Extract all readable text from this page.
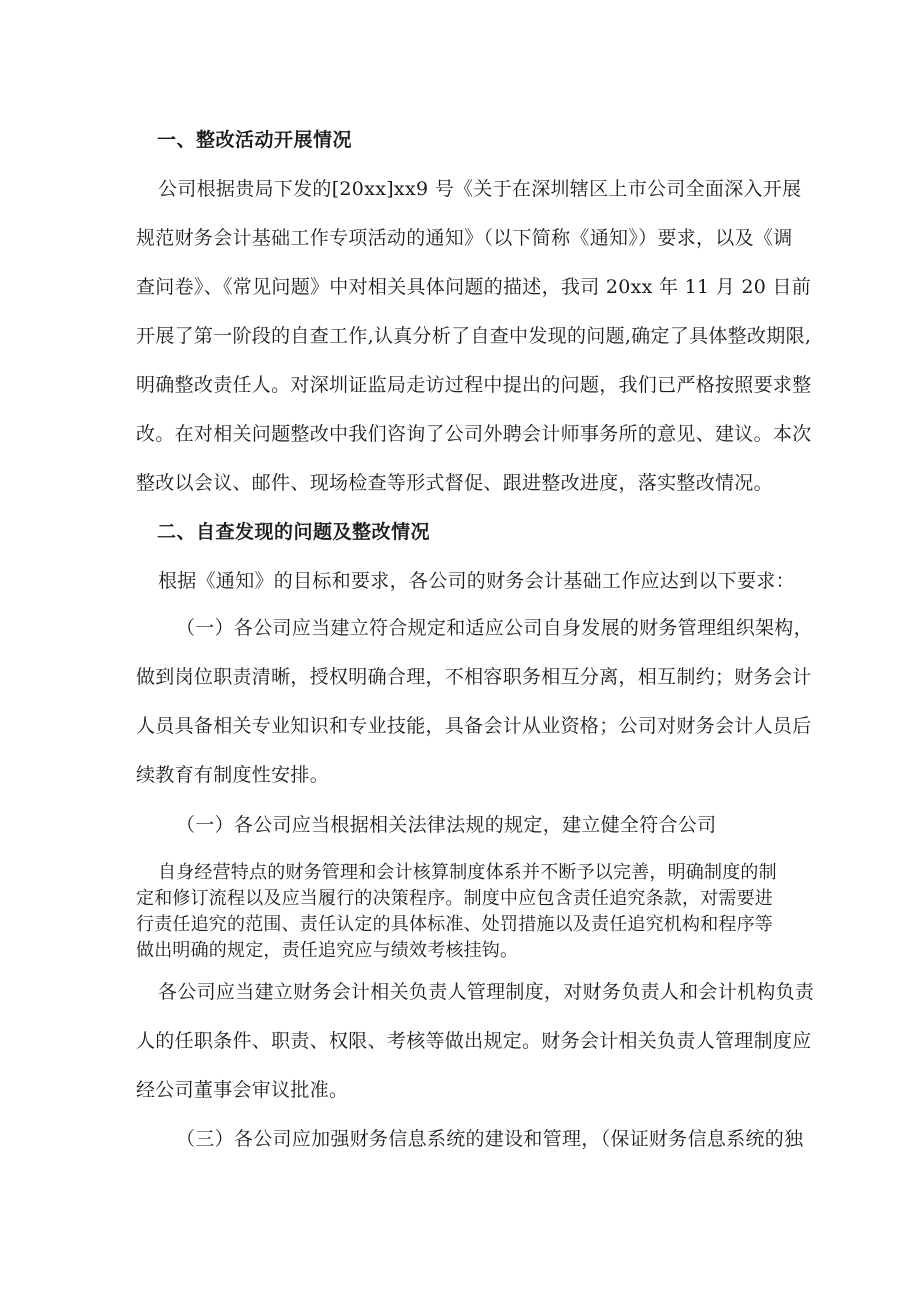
一、整改活动开展情况
公司根据贵局下发的[20xx]xx9 号《关于在深圳辖区上市公司全面深入开展
规范财务会计基础工作专项活动的通知》（以下简称《通知》）要求，以及《调
查问卷》、《常见问题》中对相关具体问题的描述，我司 20xx 年 11 月 20 日前
开展了第一阶段的自查工作,认真分析了自查中发现的问题,确定了具体整改期限,
明确整改责任人。对深圳证监局走访过程中提出的问题，我们已严格按照要求整
改。在对相关问题整改中我们咨询了公司外聘会计师事务所的意见、建议。本次
整改以会议、邮件、现场检查等形式督促、跟进整改进度，落实整改情况。
二、自查发现的问题及整改情况
根据《通知》的目标和要求，各公司的财务会计基础工作应达到以下要求：
（一）各公司应当建立符合规定和适应公司自身发展的财务管理组织架构，
做到岗位职责清晰，授权明确合理，不相容职务相互分离，相互制约；财务会计
人员具备相关专业知识和专业技能，具备会计从业资格；公司对财务会计人员后
续教育有制度性安排。
（一）各公司应当根据相关法律法规的规定，建立健全符合公司
自身经营特点的财务管理和会计核算制度体系并不断予以完善，明确制度的制
定和修订流程以及应当履行的决策程序。制度中应包含责任追究条款，对需要进
行责任追究的范围、责任认定的具体标准、处罚措施以及责任追究机构和程序等
做出明确的规定，责任追究应与绩效考核挂钩。
各公司应当建立财务会计相关负责人管理制度，对财务负责人和会计机构负责
人的任职条件、职责、权限、考核等做出规定。财务会计相关负责人管理制度应
经公司董事会审议批准。
（三）各公司应加强财务信息系统的建设和管理，（保证财务信息系统的独
